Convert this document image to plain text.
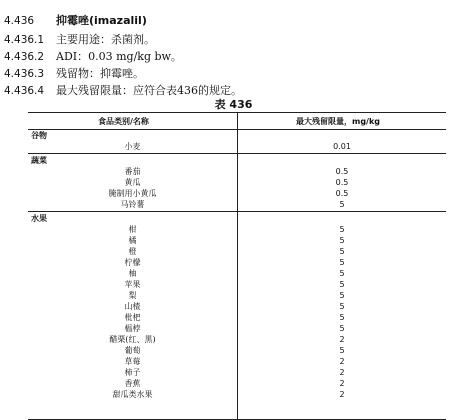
4.436 抑霉唑(imazalil)
4.436.1 主要用途：杀菌剂。
4.436.2 ADI：0.03 mg/kg bw。
4.436.3 残留物：抑霉唑。
4.436.4 最大残留限量：应符合表436的规定。
表 436
食品类别/名称	最大残留限量，mg/kg
谷物
小麦	0.01
蔬菜
番茄	0.5
黄瓜	0.5
腌制用小黄瓜	0.5
马铃薯	5
水果
柑	5
橘	5
橙	5
柠檬	5
柚	5
苹果	5
梨	5
山楂	5
枇杷	5
榅桲	5
醋栗(红、黑)	2
葡萄	5
草莓	2
柿子	2
香蕉	2
甜瓜类水果	2
